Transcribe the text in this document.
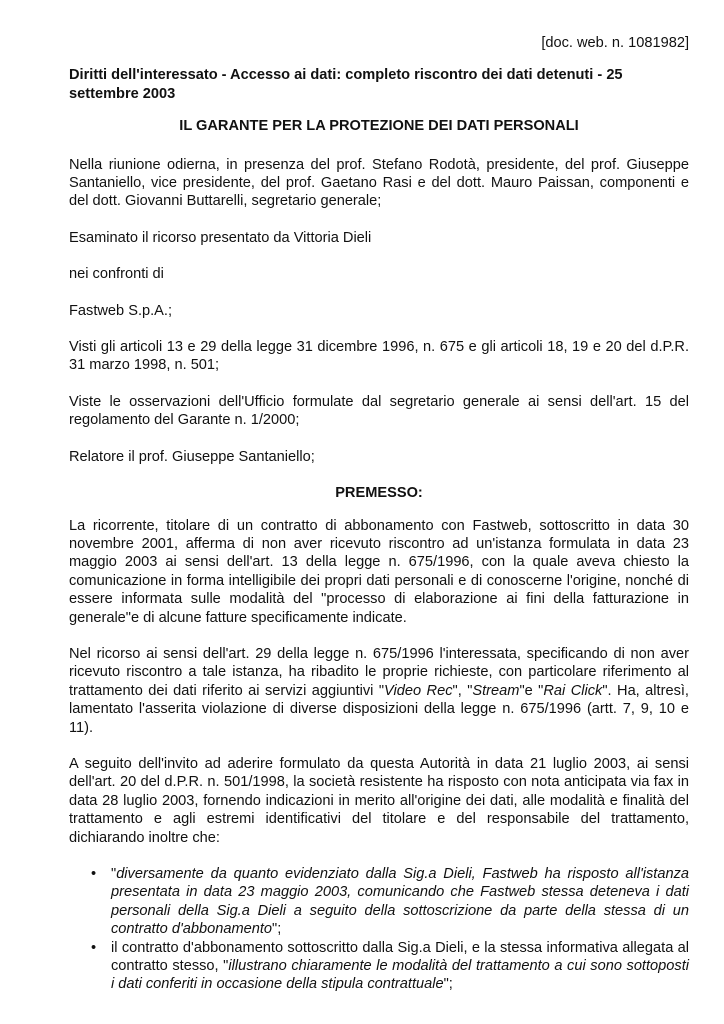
[doc. web. n. 1081982]
Diritti dell'interessato - Accesso ai dati: completo riscontro dei dati detenuti - 25 settembre 2003
IL GARANTE PER LA PROTEZIONE DEI DATI PERSONALI

Nella riunione odierna, in presenza del prof. Stefano Rodotà, presidente, del prof. Giuseppe Santaniello, vice presidente, del prof. Gaetano Rasi e del dott. Mauro Paissan, componenti e del dott. Giovanni Buttarelli, segretario generale;

Esaminato il ricorso presentato da Vittoria Dieli

nei confronti di

Fastweb S.p.A.;

Visti gli articoli 13 e 29 della legge 31 dicembre 1996, n. 675 e gli articoli 18, 19 e 20 del d.P.R. 31 marzo 1998, n. 501;

Viste le osservazioni dell'Ufficio formulate dal segretario generale ai sensi dell'art. 15 del regolamento del Garante n. 1/2000;

Relatore il prof. Giuseppe Santaniello;

PREMESSO:

La ricorrente, titolare di un contratto di abbonamento con Fastweb, sottoscritto in data 30 novembre 2001, afferma di non aver ricevuto riscontro ad un'istanza formulata in data 23 maggio 2003 ai sensi dell'art. 13 della legge n. 675/1996, con la quale aveva chiesto la comunicazione in forma intelligibile dei propri dati personali e di conoscerne l'origine, nonché di essere informata sulle modalità del "processo di elaborazione ai fini della fatturazione in generale"e di alcune fatture specificamente indicate.

Nel ricorso ai sensi dell'art. 29 della legge n. 675/1996 l'interessata, specificando di non aver ricevuto riscontro a tale istanza, ha ribadito le proprie richieste, con particolare riferimento al trattamento dei dati riferito ai servizi aggiuntivi "Video Rec", "Stream"e "Rai Click". Ha, altresì, lamentato l'asserita violazione di diverse disposizioni della legge n. 675/1996 (artt. 7, 9, 10 e 11).

A seguito dell'invito ad aderire formulato da questa Autorità in data 21 luglio 2003, ai sensi dell'art. 20 del d.P.R. n. 501/1998, la società resistente ha risposto con nota anticipata via fax in data 28 luglio 2003, fornendo indicazioni in merito all'origine dei dati, alle modalità e finalità del trattamento e agli estremi identificativi del titolare e del responsabile del trattamento, dichiarando inoltre che:

• "diversamente da quanto evidenziato dalla Sig.a Dieli, Fastweb ha risposto all'istanza presentata in data 23 maggio 2003, comunicando che Fastweb stessa deteneva i dati personali della Sig.a Dieli a seguito della sottoscrizione da parte della stessa di un contratto d'abbonamento";
• il contratto d'abbonamento sottoscritto dalla Sig.a Dieli, e la stessa informativa allegata al contratto stesso, "illustrano chiaramente le modalità del trattamento a cui sono sottoposti i dati conferiti in occasione della stipula contrattuale";
